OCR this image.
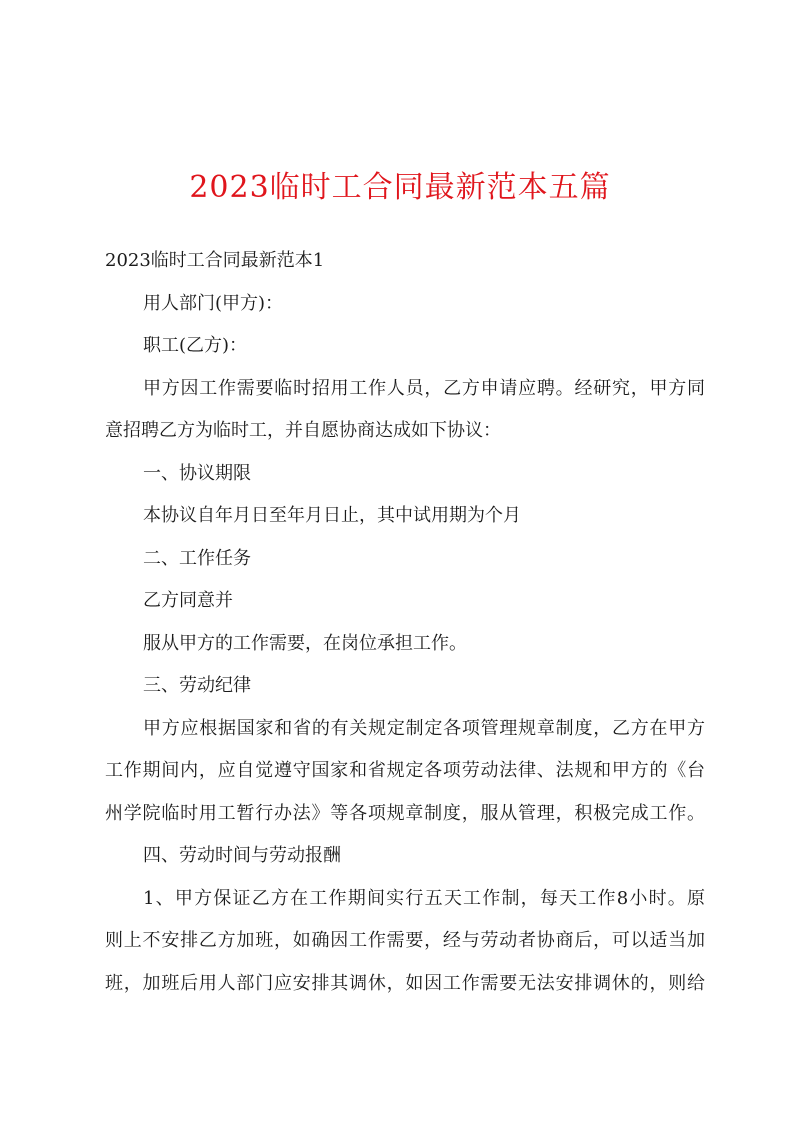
2023临时工合同最新范本五篇
2023临时工合同最新范本1
用人部门(甲方)：
职工(乙方)：
甲方因工作需要临时招用工作人员，乙方申请应聘。经研究，甲方同
意招聘乙方为临时工，并自愿协商达成如下协议：
一、协议期限
本协议自年月日至年月日止，其中试用期为个月
二、工作任务
乙方同意并
服从甲方的工作需要，在岗位承担工作。
三、劳动纪律
甲方应根据国家和省的有关规定制定各项管理规章制度，乙方在甲方
工作期间内，应自觉遵守国家和省规定各项劳动法律、法规和甲方的《台
州学院临时用工暂行办法》等各项规章制度，服从管理，积极完成工作。
四、劳动时间与劳动报酬
1、甲方保证乙方在工作期间实行五天工作制，每天工作8小时。原
则上不安排乙方加班，如确因工作需要，经与劳动者协商后，可以适当加
班，加班后用人部门应安排其调休，如因工作需要无法安排调休的，则给
